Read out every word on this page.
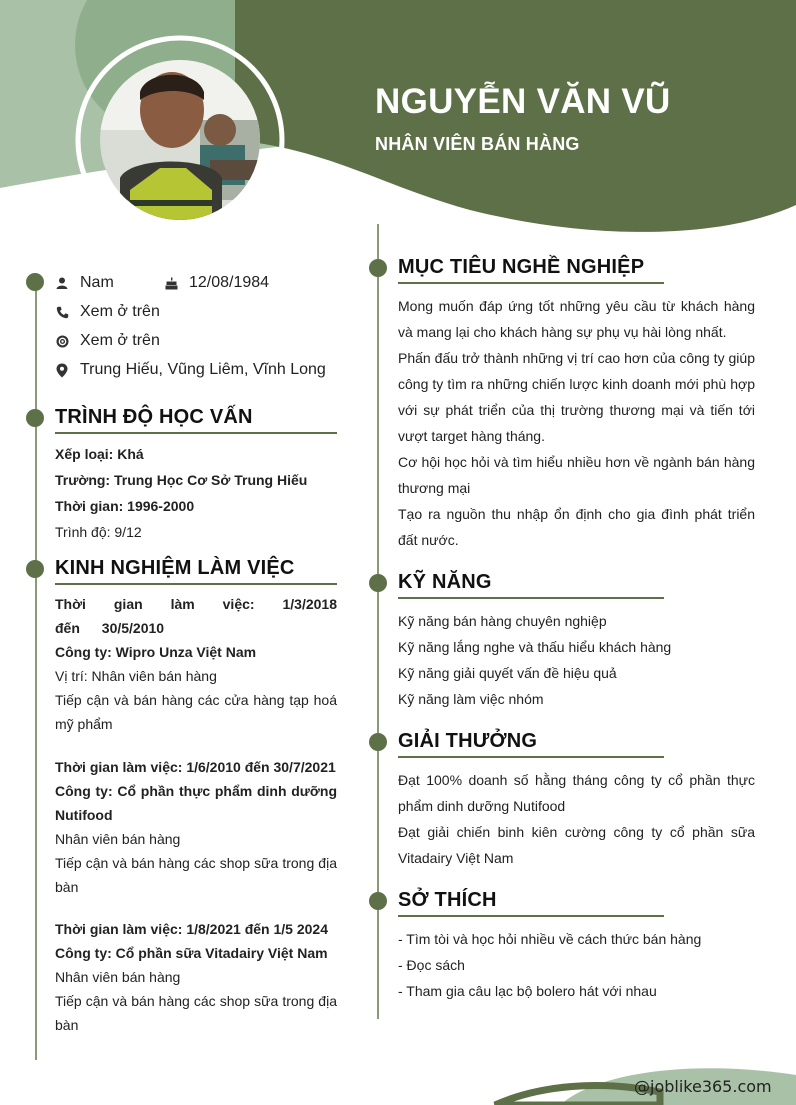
NGUYỄN VĂN VŨ
NHÂN VIÊN BÁN HÀNG
Nam	12/08/1984
Xem ở trên
Xem ở trên
Trung Hiếu, Vũng Liêm, Vĩnh Long
TRÌNH ĐỘ HỌC VẤN

Xếp loại: Khá

Trường: Trung Học Cơ Sở Trung Hiếu

Thời gian: 1996-2000

Trình độ: 9/12

KINH NGHIỆM LÀM VIỆC

Thời gian làm việc: 1/3/2018 đến 30/5/2010

Công ty: Wipro Unza Việt Nam

Vị trí: Nhân viên bán hàng

Tiếp cận và bán hàng các cửa hàng tạp hoá mỹ phẩm

Thời gian làm việc: 1/6/2010 đến 30/7/2021

Công ty: Cổ phần thực phẩm dinh dưỡng Nutifood

Nhân viên bán hàng

Tiếp cận và bán hàng các shop sữa trong địa bàn

Thời gian làm việc: 1/8/2021 đến 1/5 2024

Công ty: Cổ phần sữa Vitadairy Việt Nam

Nhân viên bán hàng

Tiếp cận và bán hàng các shop sữa trong địa bàn

MỤC TIÊU NGHỀ NGHIỆP

Mong muốn đáp ứng tốt những yêu cầu từ khách hàng và mang lại cho khách hàng sự phụ vụ hài lòng nhất.

Phấn đấu trở thành những vị trí cao hơn của công ty giúp công ty tìm ra những chiến lược kinh doanh mới phù hợp với sự phát triển của thị trường thương mại và tiến tới vượt target hàng tháng.

Cơ hội học hỏi và tìm hiểu nhiều hơn về ngành bán hàng thương mại

Tạo ra nguồn thu nhập ổn định cho gia đình phát triển đất nước.

KỸ NĂNG

Kỹ năng bán hàng chuyên nghiệp

Kỹ năng lắng nghe và thấu hiểu khách hàng

Kỹ năng giải quyết vấn đề hiệu quả

Kỹ năng làm việc nhóm

GIẢI THƯỞNG

Đạt 100% doanh số hằng tháng công ty cổ phần thực phẩm dinh dưỡng Nutifood

Đạt giải chiến binh kiên cường công ty cổ phần sữa Vitadairy Việt Nam

SỞ THÍCH

- Tìm tòi và học hỏi nhiều về cách thức bán hàng

- Đọc sách

- Tham gia câu lạc bộ bolero hát với nhau

@joblike365.com
